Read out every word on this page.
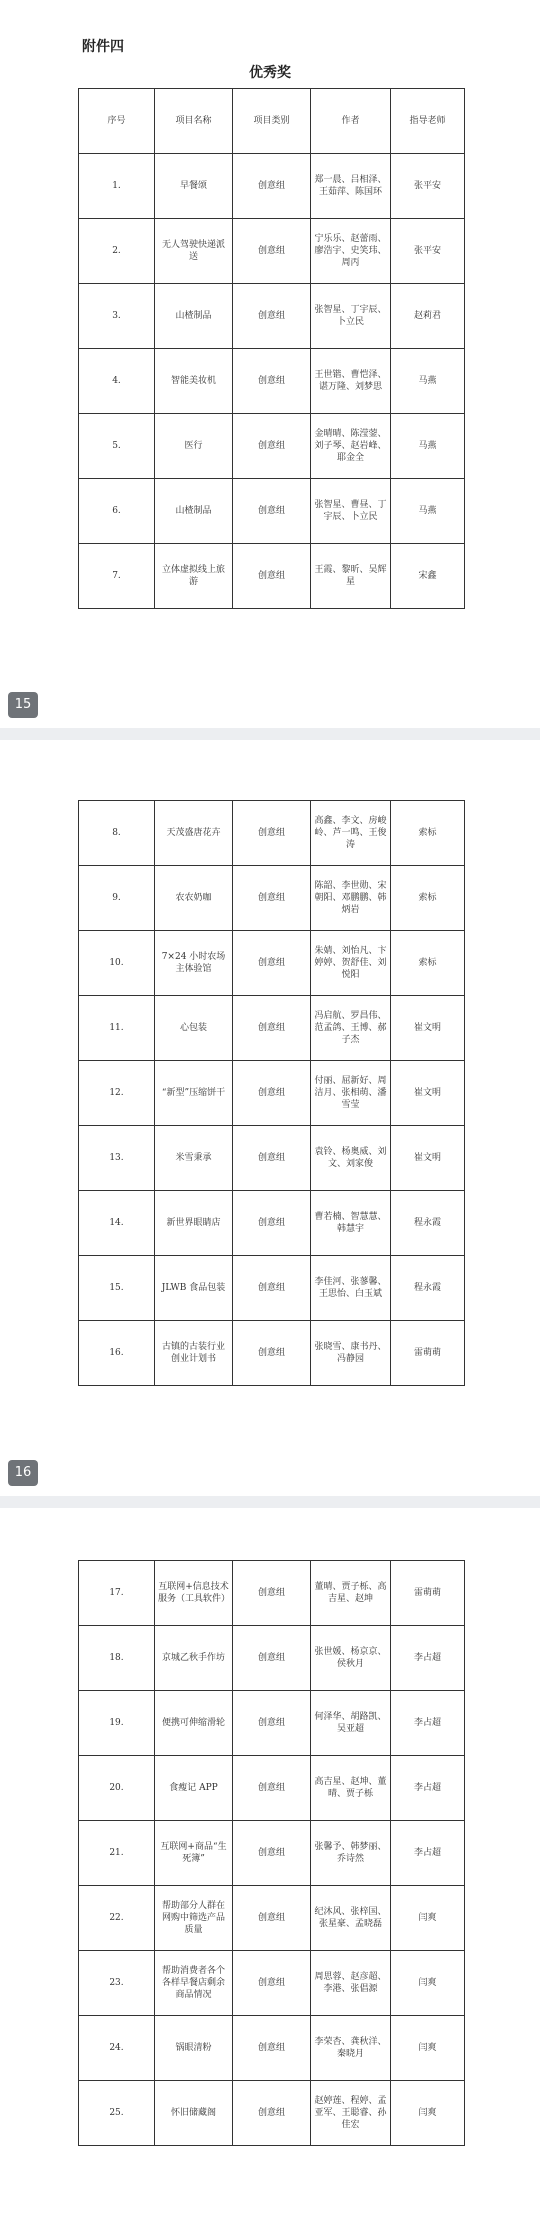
附件四
优秀奖
序号	项目名称	项目类别	作者	指导老师
1.	早餐颂	创意组	郑一晨、吕相泽、王茹萍、陈国环	张平安
2.	无人驾驶快递派送	创意组	宁乐乐、赵蕾雨、廖浩宇、史笑玮、周丙	张平安
3.	山楂制品	创意组	张智星、丁宇辰、卜立民	赵莉君
4.	智能美妆机	创意组	王世锴、曹恺泽、谌万隆、刘梦思	马燕
5.	医行	创意组	金晴晴、陈滢蓥、刘子琴、赵岩峰、耶金全	马燕
6.	山楂制品	创意组	张智星、曹昼、丁宇辰、卜立民	马燕
7.	立体虚拟线上旅游	创意组	王霞、黎昕、吴辉星	宋鑫
15
8.	天茂盛唐花卉	创意组	高鑫、李文、房峻岭、芦一鸣、王俊涛	索标
9.	农农奶咖	创意组	陈韶、李世勋、宋朝阳、邓鹏鹏、韩炳岩	索标
10.	7×24 小时农场主体验馆	创意组	朱婧、刘怡凡、卞婷婷、贺舒佳、刘悦阳	索标
11.	心包装	创意组	冯启航、罗昌伟、范孟鸽、王博、郝子杰	崔文明
12.	“新型”压缩饼干	创意组	付丽、屈新好、周洁月、张相萌、潘雪莹	崔文明
13.	米雪秉承	创意组	袁铃、杨奥威、刘文、刘家俊	崔文明
14.	新世界眼睛店	创意组	曹若楠、智慧慧、韩慧宇	程永霞
15.	JLWB 食品包装	创意组	李佳河、张蓼馨、王思怡、白玉斌	程永霞
16.	古镇的古装行业创业计划书	创意组	张晓雪、康书丹、冯静园	雷萌萌
16
17.	互联网+信息技术服务（工具软件）	创意组	董晴、贾子栎、高吉星、赵坤	雷萌萌
18.	京城乙秋手作坊	创意组	张世媛、杨京京、侯秋月	李占超
19.	便携可伸缩滑轮	创意组	何泽华、胡路凯、吴亚超	李占超
20.	食瘦记 APP	创意组	高吉星、赵坤、董晴、贾子栎	李占超
21.	互联网+商品“生死簿”	创意组	张馨予、韩梦丽、乔诗然	李占超
22.	帮助部分人群在网购中筛选产品质量	创意组	纪沐风、张梓国、张星豪、孟晓磊	闫爽
23.	帮助消费者各个各样早餐店剩余商品情况	创意组	周思蓉、赵彦超、李港、张倡源	闫爽
24.	锅眼清粉	创意组	李荣杏、龚秋洋、秦晓月	闫爽
25.	怀旧储藏阁	创意组	赵婷莲、程婷、孟亚军、王聪睿、孙佳宏	闫爽
